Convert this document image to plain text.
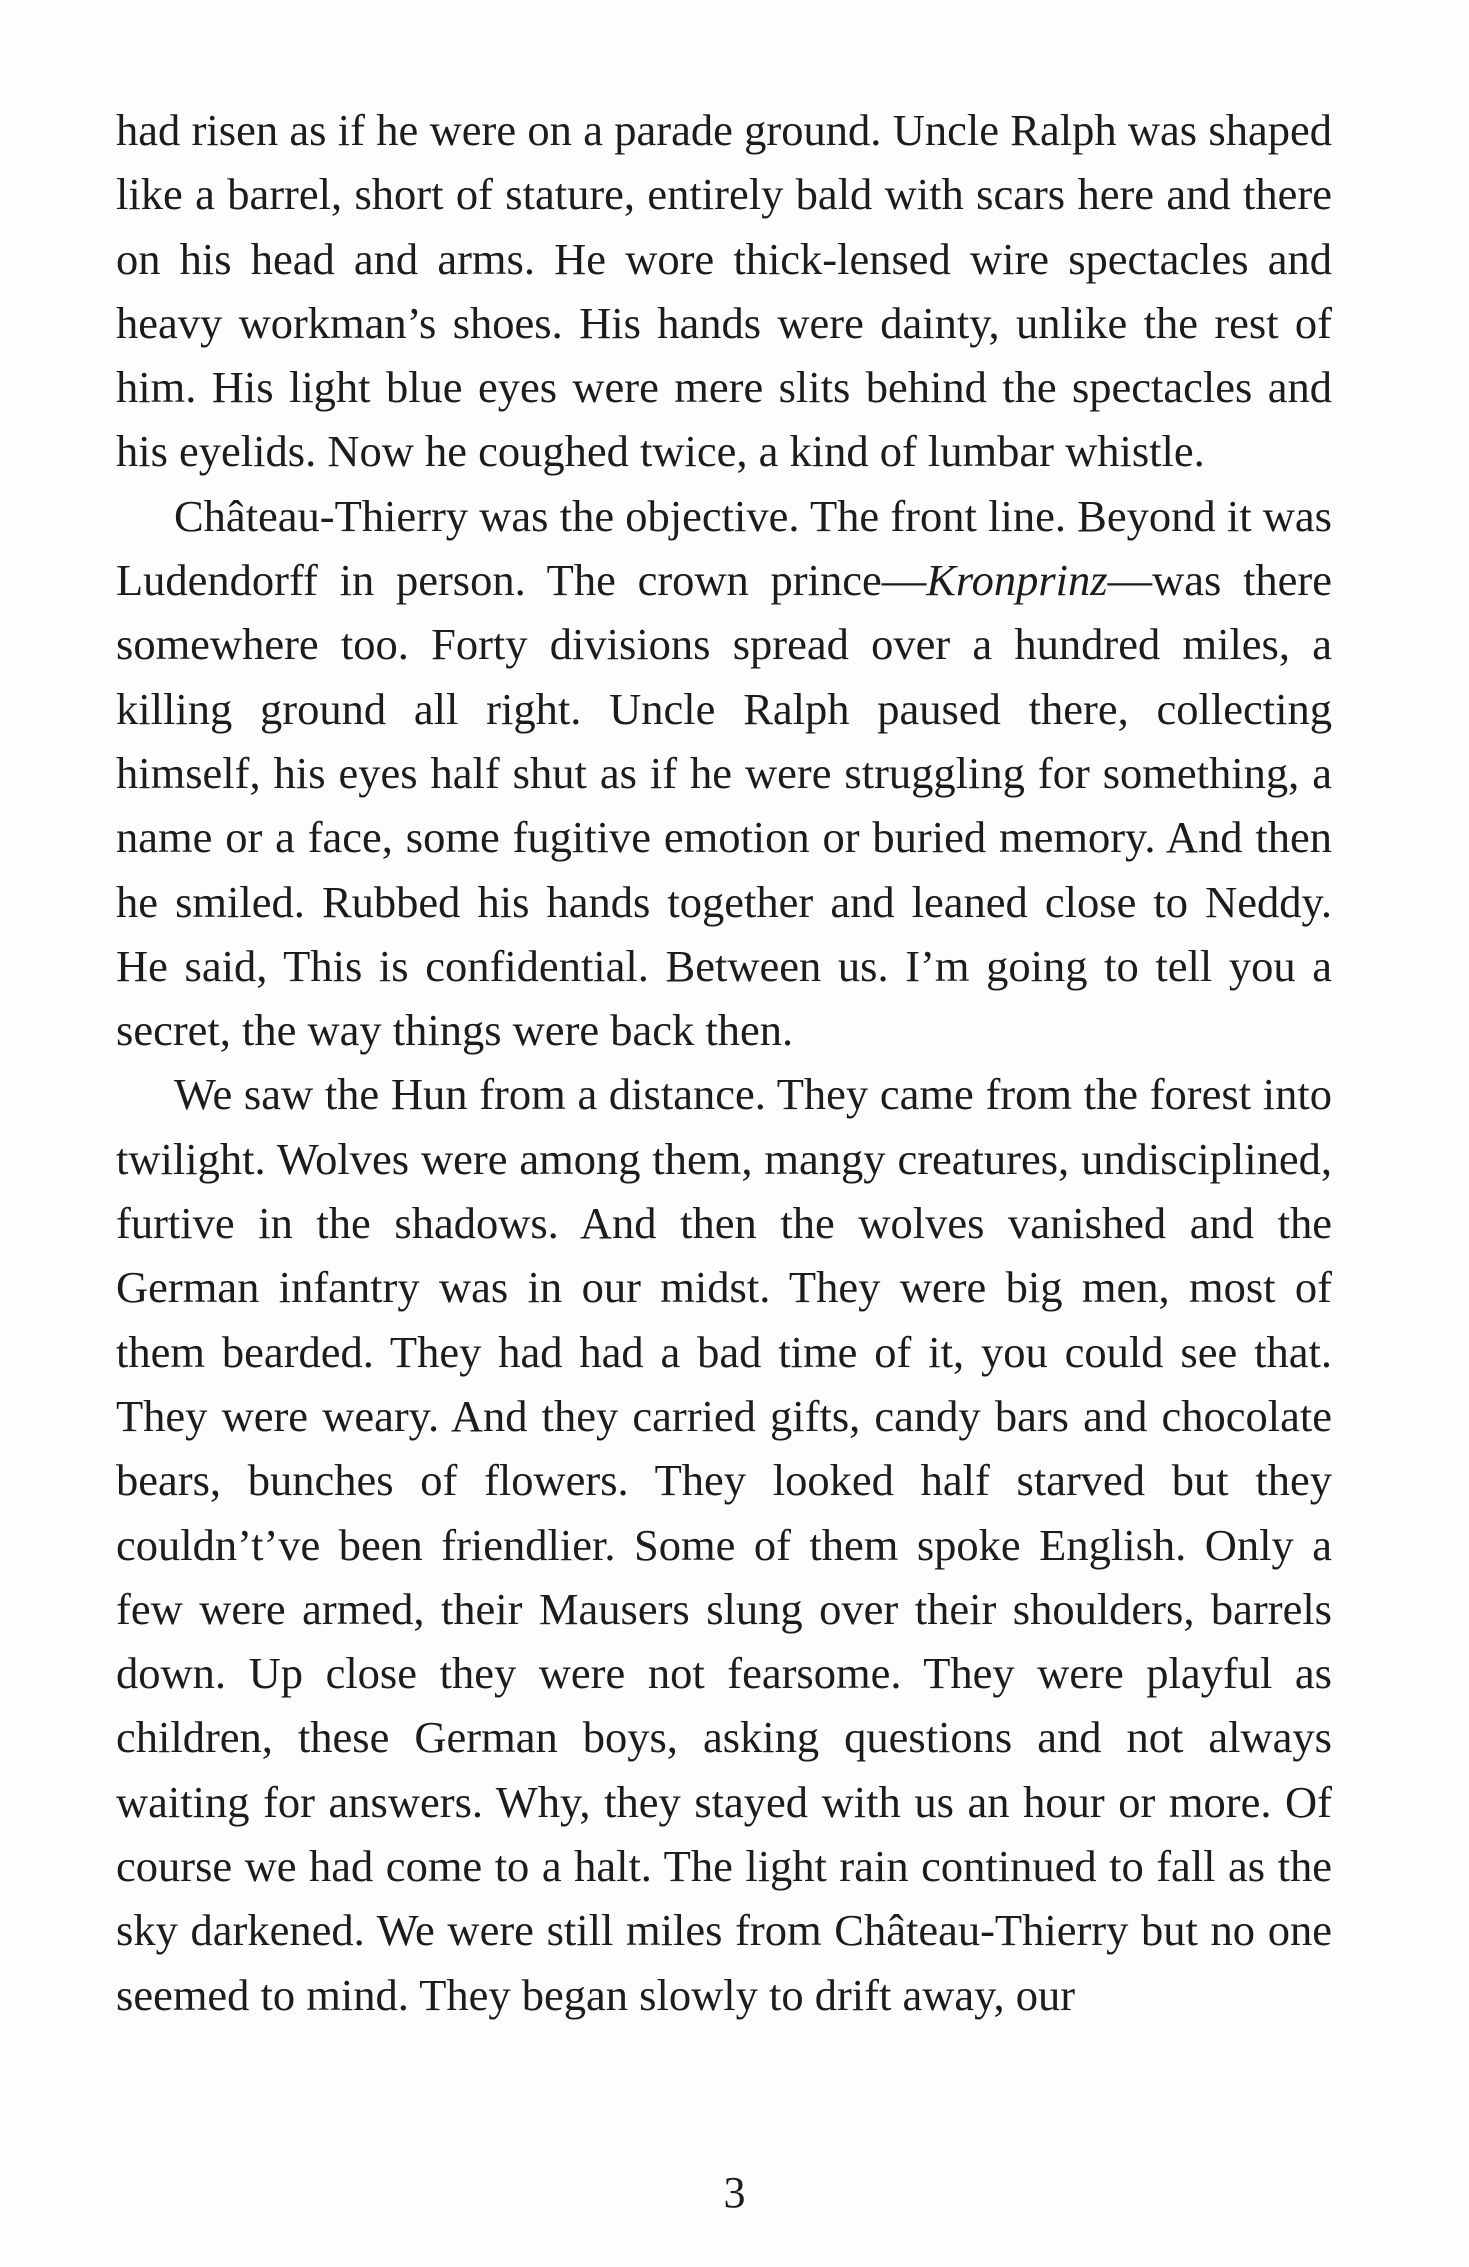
had risen as if he were on a parade ground. Uncle Ralph was shaped like a barrel, short of stature, entirely bald with scars here and there on his head and arms. He wore thick-lensed wire spectacles and heavy workman’s shoes. His hands were dainty, unlike the rest of him. His light blue eyes were mere slits behind the spectacles and his eyelids. Now he coughed twice, a kind of lumbar whistle.

Château-Thierry was the objective. The front line. Beyond it was Ludendorff in person. The crown prince—Kronprinz—was there somewhere too. Forty divisions spread over a hundred miles, a killing ground all right. Uncle Ralph paused there, collecting himself, his eyes half shut as if he were struggling for something, a name or a face, some fugitive emotion or buried memory. And then he smiled. Rubbed his hands together and leaned close to Neddy. He said, This is confidential. Between us. I’m going to tell you a secret, the way things were back then.

We saw the Hun from a distance. They came from the forest into twilight. Wolves were among them, mangy creatures, undisciplined, furtive in the shadows. And then the wolves vanished and the German infantry was in our midst. They were big men, most of them bearded. They had had a bad time of it, you could see that. They were weary. And they carried gifts, candy bars and chocolate bears, bunches of flowers. They looked half starved but they couldn’t’ve been friendlier. Some of them spoke English. Only a few were armed, their Mausers slung over their shoulders, barrels down. Up close they were not fearsome. They were playful as children, these German boys, asking questions and not always waiting for answers. Why, they stayed with us an hour or more. Of course we had come to a halt. The light rain continued to fall as the sky darkened. We were still miles from Château-Thierry but no one seemed to mind. They began slowly to drift away, our

3
